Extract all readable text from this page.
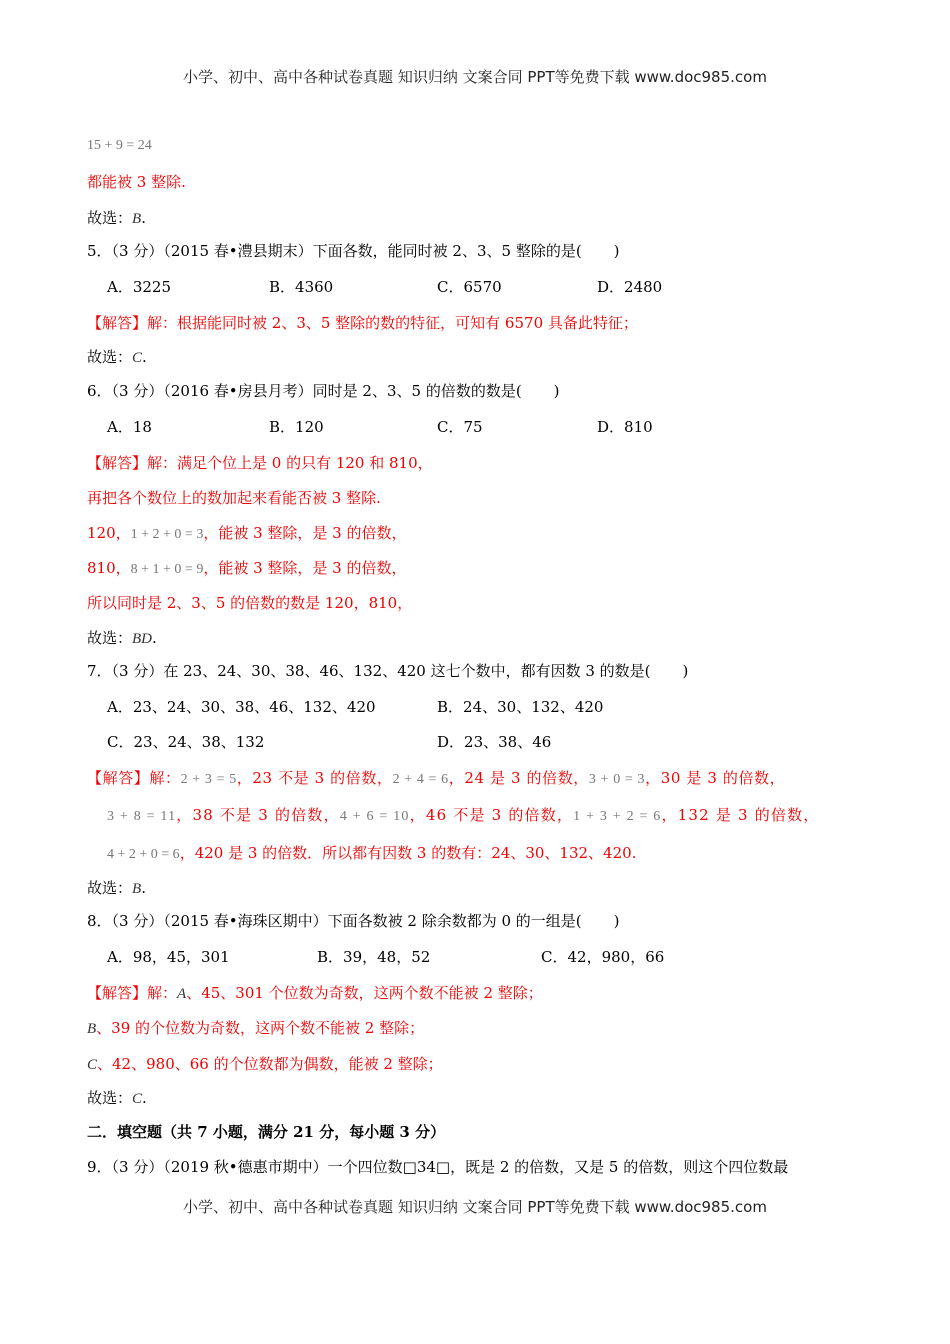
小学、初中、高中各种试卷真题 知识归纳 文案合同 PPT等免费下载 www.doc985.com
15 + 9 = 24
都能被 3 整除.
故选：B.
5．（3 分）（2015 春•澧县期末）下面各数，能同时被 2、3、5 整除的是( )
A．3225	B．4360	C．6570	D．2480
【解答】解：根据能同时被 2、3、5 整除的数的特征，可知有 6570 具备此特征；
故选：C.
6．（3 分）（2016 春•房县月考）同时是 2、3、5 的倍数的数是( )
A．18	B．120	C．75	D．810
【解答】解：满足个位上是 0 的只有 120 和 810，
再把各个数位上的数加起来看能否被 3 整除.
120，1 + 2 + 0 = 3，能被 3 整除，是 3 的倍数，
810，8 + 1 + 0 = 9，能被 3 整除，是 3 的倍数，
所以同时是 2、3、5 的倍数的数是 120，810，
故选：BD.
7．（3 分）在 23、24、30、38、46、132、420 这七个数中，都有因数 3 的数是( )
A．23、24、30、38、46、132、420	B．24、30、132、420
C．23、24、38、132	D．23、38、46
【解答】解：2 + 3 = 5，23 不是 3 的倍数，2 + 4 = 6，24 是 3 的倍数，3 + 0 = 3，30 是 3 的倍数，
3 + 8 = 11，38 不是 3 的倍数，4 + 6 = 10，46 不是 3 的倍数，1 + 3 + 2 = 6，132 是 3 的倍数，
4 + 2 + 0 = 6，420 是 3 的倍数．所以都有因数 3 的数有：24、30、132、420.
故选：B.
8．（3 分）（2015 春•海珠区期中）下面各数被 2 除余数都为 0 的一组是( )
A．98，45，301	B．39，48，52	C．42，980，66
【解答】解：A、45、301 个位数为奇数，这两个数不能被 2 整除；
B、39 的个位数为奇数，这两个数不能被 2 整除；
C、42、980、66 的个位数都为偶数，能被 2 整除；
故选：C.
二．填空题（共 7 小题，满分 21 分，每小题 3 分）
9．（3 分）（2019 秋•德惠市期中）一个四位数□34□，既是 2 的倍数，又是 5 的倍数，则这个四位数最
小学、初中、高中各种试卷真题 知识归纳 文案合同 PPT等免费下载 www.doc985.com
